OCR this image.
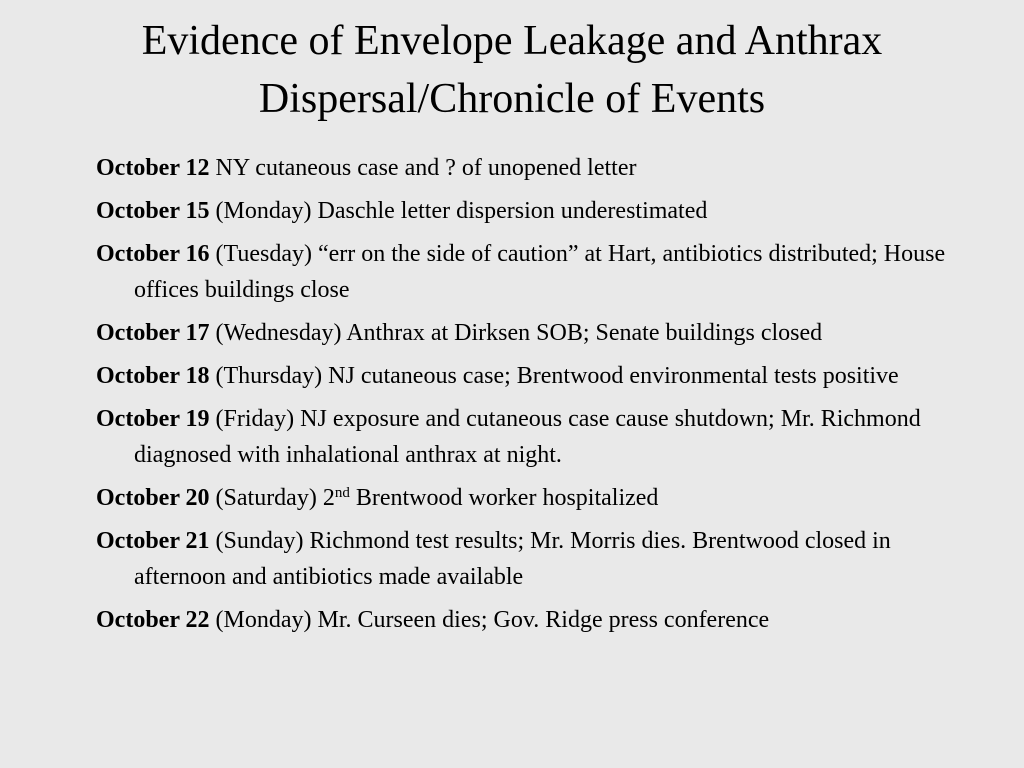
Evidence of Envelope Leakage and Anthrax
Dispersal/Chronicle of Events
October 12 NY cutaneous case and ? of unopened letter
October 15 (Monday) Daschle letter dispersion underestimated
October 16 (Tuesday) “err on the side of caution” at Hart, antibiotics distributed; House offices buildings close
October 17 (Wednesday) Anthrax at Dirksen SOB; Senate buildings closed
October 18 (Thursday) NJ cutaneous case; Brentwood environmental tests positive
October 19 (Friday) NJ exposure and cutaneous case cause shutdown; Mr. Richmond diagnosed with inhalational anthrax at night.
October 20 (Saturday) 2nd Brentwood worker hospitalized
October 21 (Sunday) Richmond test results; Mr. Morris dies. Brentwood closed in afternoon and antibiotics made available
October 22 (Monday) Mr. Curseen dies; Gov. Ridge press conference
